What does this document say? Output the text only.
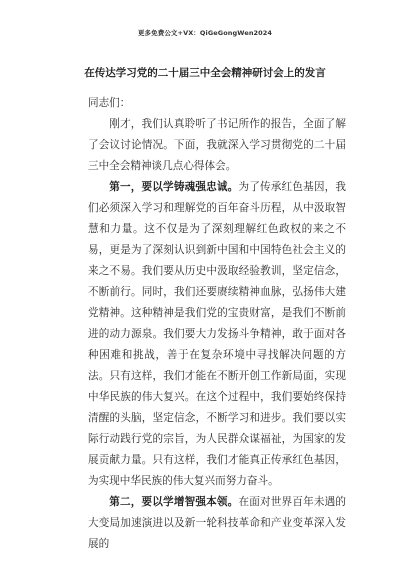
更多免费公文+VX：QiGeGongWen2024
在传达学习党的二十届三中全会精神研讨会上的发言

同志们：

刚才，我们认真聆听了书记所作的报告，全面了解了会议讨论情况。下面，我就深入学习贯彻党的二十届三中全会精神谈几点心得体会。

第一，要以学铸魂强忠诚。为了传承红色基因，我们必须深入学习和理解党的百年奋斗历程，从中汲取智慧和力量。这不仅是为了深刻理解红色政权的来之不易，更是为了深刻认识到新中国和中国特色社会主义的来之不易。我们要从历史中汲取经验教训，坚定信念，不断前行。同时，我们还要赓续精神血脉，弘扬伟大建党精神。这种精神是我们党的宝贵财富，是我们不断前进的动力源泉。我们要大力发扬斗争精神，敢于面对各种困难和挑战，善于在复杂环境中寻找解决问题的方法。只有这样，我们才能在不断开创工作新局面，实现中华民族的伟大复兴。在这个过程中，我们要始终保持清醒的头脑，坚定信念，不断学习和进步。我们要以实际行动践行党的宗旨，为人民群众谋福祉，为国家的发展贡献力量。只有这样，我们才能真正传承红色基因，为实现中华民族的伟大复兴而努力奋斗。

第二，要以学增智强本领。在面对世界百年未遇的大变局加速演进以及新一轮科技革命和产业变革深入发展的
